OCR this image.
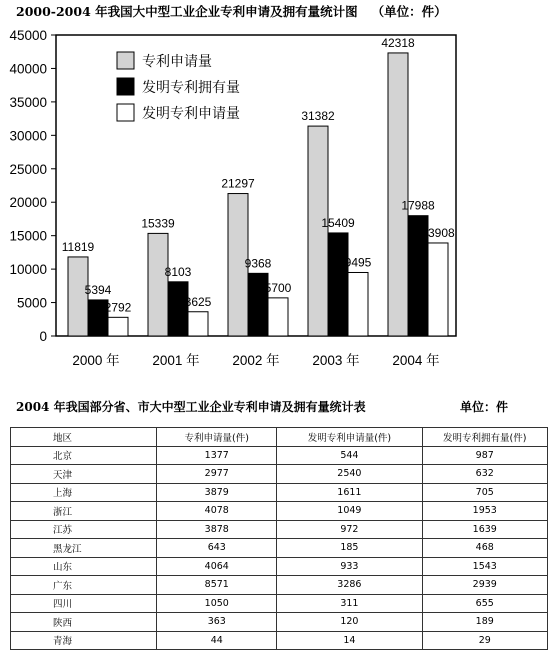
2000-2004 年我国大中型工业企业专利申请及拥有量统计图 （单位：件）
0
5000
10000
15000
20000
25000
30000
35000
40000
45000
11819
5394
2792
2000 年
15339
8103
3625
2001 年
21297
9368
5700
2002 年
31382
15409
9495
2003 年
42318
17988
13908
2004 年
专利申请量
发明专利拥有量
发明专利申请量
2004 年我国部分省、市大中型工业企业专利申请及拥有量统计表	单位：件
地区	专利申请量(件)	发明专利申请量(件)	发明专利拥有量(件)
北京	1377	544	987
天津	2977	2540	632
上海	3879	1611	705
浙江	4078	1049	1953
江苏	3878	972	1639
黑龙江	643	185	468
山东	4064	933	1543
广东	8571	3286	2939
四川	1050	311	655
陕西	363	120	189
青海	44	14	29
